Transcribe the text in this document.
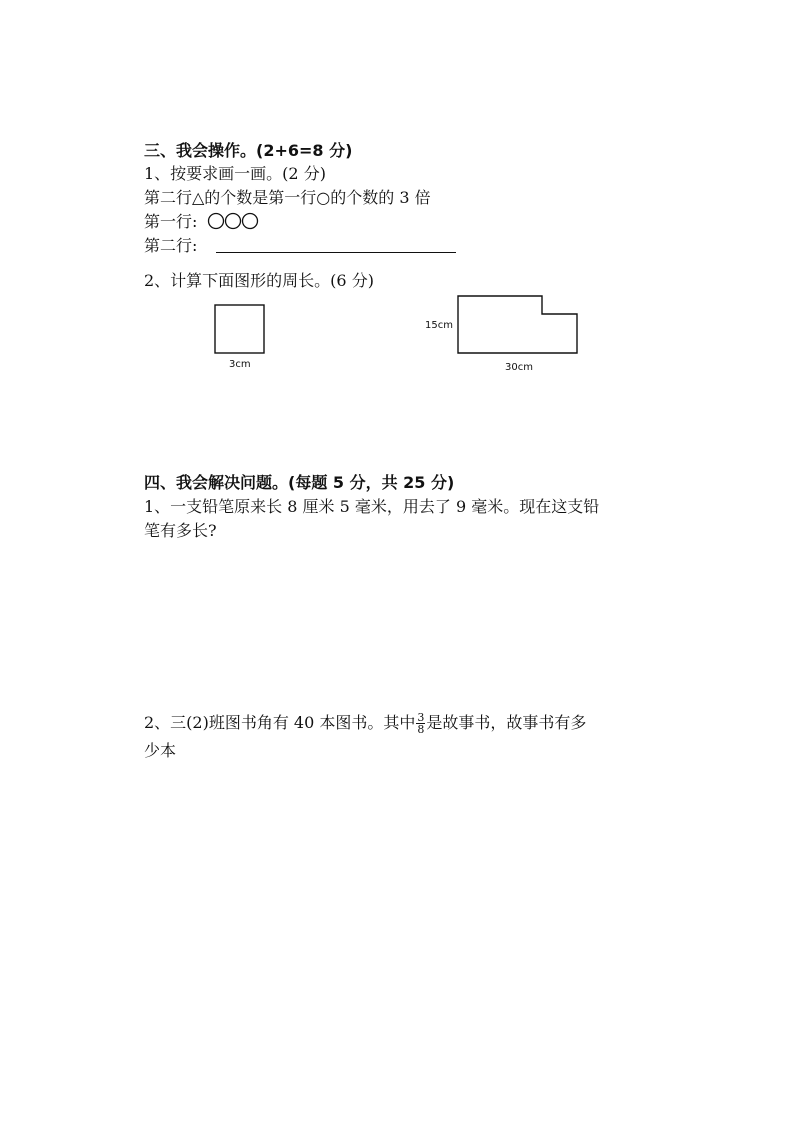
三、我会操作。(2+6=8 分)
1、按要求画一画。(2 分)
第二行△的个数是第一行○的个数的 3 倍
第一行:
第二行:
2、计算下面图形的周长。(6 分)
3cm
15cm
30cm
四、我会解决问题。(每题 5 分，共 25 分)
1、一支铅笔原来长 8 厘米 5 毫米，用去了 9 毫米。现在这支铅
笔有多长?
2、三(2)班图书角有 40 本图书。其中 $\frac{3}{8}$ 是故事书，故事书有多
少本
